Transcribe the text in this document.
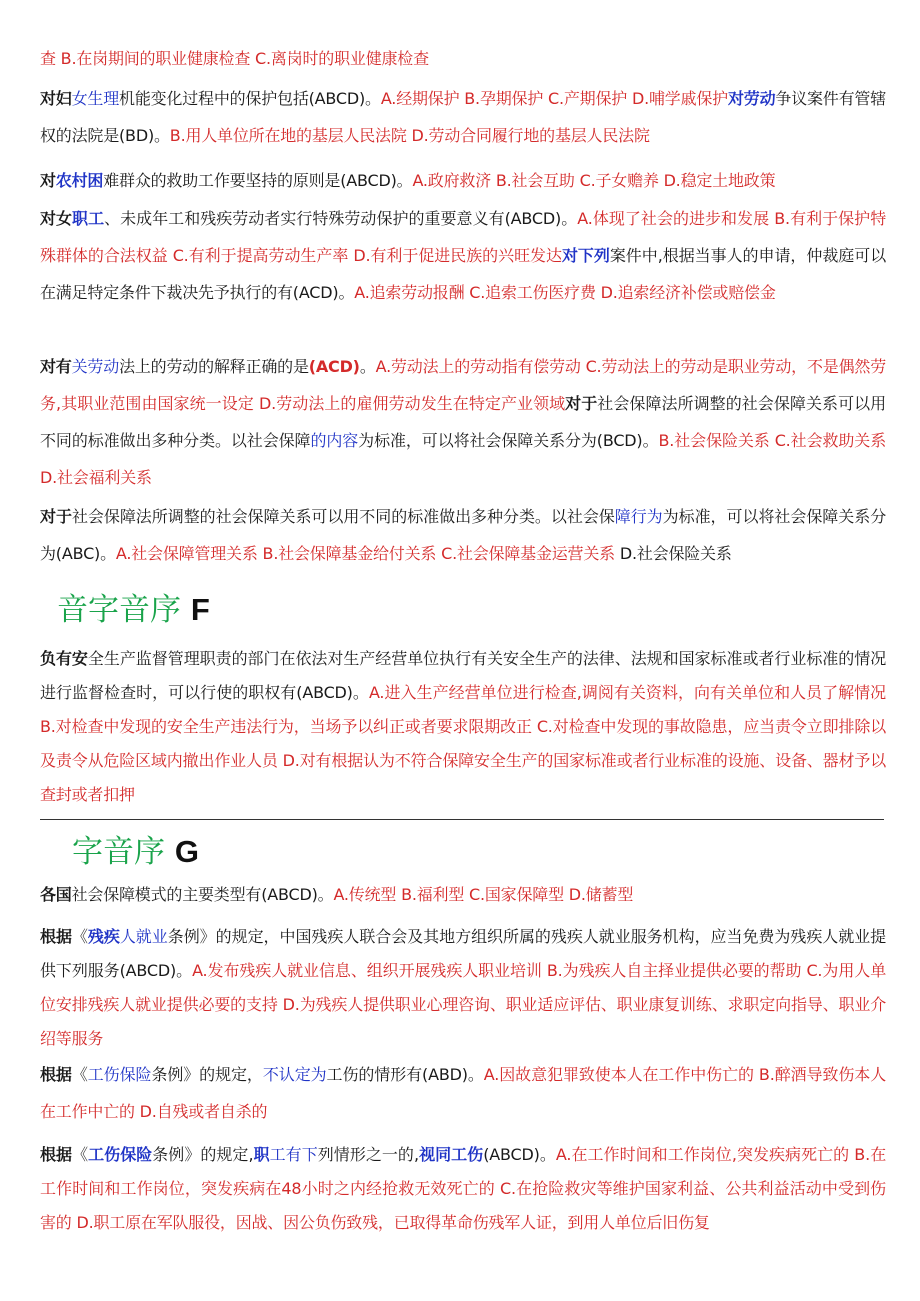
查 B.在岗期间的职业健康检查 C.离岗时的职业健康检查
对妇女生理机能变化过程中的保护包括(ABCD)。A.经期保护 B.孕期保护 C.产期保护 D.哺学戚保护对劳动争议案件有管辖权的法院是(BD)。B.用人单位所在地的基层人民法院 D.劳动合同履行地的基层人民法院
对农村困难群众的救助工作要坚持的原则是(ABCD)。A.政府救济 B.社会互助 C.子女赡养 D.稳定土地政策
对女职工、未成年工和残疾劳动者实行特殊劳动保护的重要意义有(ABCD)。A.体现了社会的进步和发展 B.有利于保护特殊群体的合法权益 C.有利于提高劳动生产率 D.有利于促进民族的兴旺发达对下列案件中,根据当事人的申请，仲裁庭可以在满足特定条件下裁决先予执行的有(ACD)。A.追索劳动报酬 C.追索工伤医疗费 D.追索经济补偿或赔偿金
对有关劳动法上的劳动的解释正确的是(ACD)。A.劳动法上的劳动指有偿劳动 C.劳动法上的劳动是职业劳动，不是偶然劳务,其职业范围由国家统一设定 D.劳动法上的雇佣劳动发生在特定产业领域对于社会保障法所调整的社会保障关系可以用不同的标准做出多种分类。以社会保障的内容为标准，可以将社会保障关系分为(BCD)。B.社会保险关系 C.社会救助关系 D.社会福利关系
对于社会保障法所调整的社会保障关系可以用不同的标准做出多种分类。以社会保障行为为标准，可以将社会保障关系分为(ABC)。A.社会保障管理关系 B.社会保障基金给付关系 C.社会保障基金运营关系 D.社会保险关系
音字音序 F
负有安全生产监督管理职责的部门在依法对生产经营单位执行有关安全生产的法律、法规和国家标准或者行业标准的情况进行监督检查时，可以行使的职权有(ABCD)。A.进入生产经营单位进行检查,调阅有关资料，向有关单位和人员了解情况 B.对检查中发现的安全生产违法行为，当场予以纠正或者要求限期改正 C.对检查中发现的事故隐患，应当责令立即排除以及责令从危险区域内撤出作业人员 D.对有根据认为不符合保障安全生产的国家标准或者行业标准的设施、设备、器材予以查封或者扣押
字音序 G
各国社会保障模式的主要类型有(ABCD)。A.传统型 B.福利型 C.国家保障型 D.储蓄型
根据《残疾人就业条例》的规定，中国残疾人联合会及其地方组织所属的残疾人就业服务机构，应当免费为残疾人就业提供下列服务(ABCD)。A.发布残疾人就业信息、组织开展残疾人职业培训 B.为残疾人自主择业提供必要的帮助 C.为用人单位安排残疾人就业提供必要的支持 D.为残疾人提供职业心理咨询、职业适应评估、职业康复训练、求职定向指导、职业介绍等服务
根据《工伤保险条例》的规定，不认定为工伤的情形有(ABD)。A.因故意犯罪致使本人在工作中伤亡的 B.醉酒导致伤本人在工作中亡的 D.自残或者自杀的
根据《工伤保险条例》的规定,职工有下列情形之一的,视同工伤(ABCD)。A.在工作时间和工作岗位,突发疾病死亡的 B.在工作时间和工作岗位，突发疾病在48小时之内经抢救无效死亡的 C.在抢险救灾等维护国家利益、公共利益活动中受到伤害的 D.职工原在军队服役，因战、因公负伤致残，已取得革命伤残军人证，到用人单位后旧伤复
